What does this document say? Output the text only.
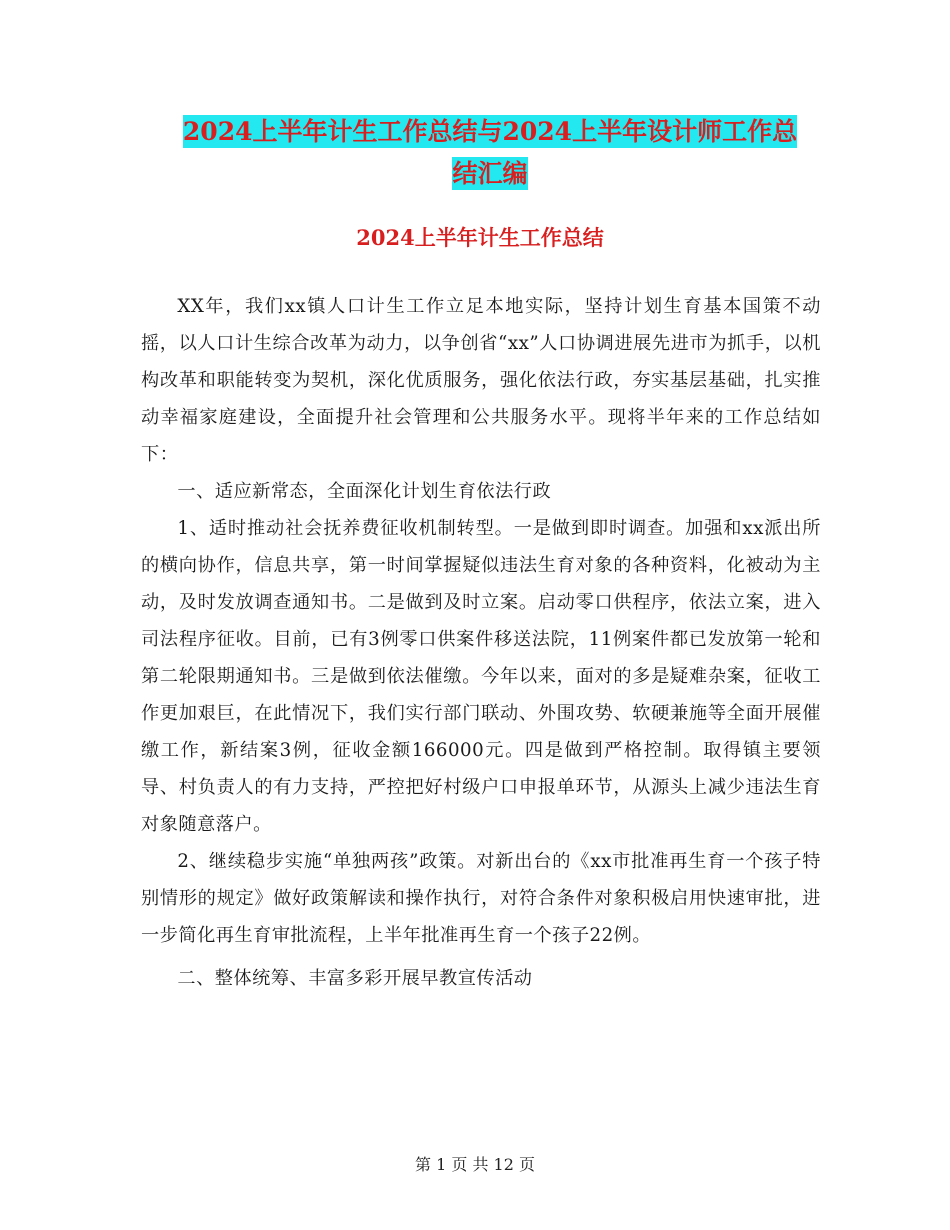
2024上半年计生工作总结与2024上半年设计师工作总
结汇编
2024上半年计生工作总结

XX年，我们xx镇人口计生工作立足本地实际，坚持计划生育基本国策不动摇，以人口计生综合改革为动力，以争创省“xx”人口协调进展先进市为抓手，以机构改革和职能转变为契机，深化优质服务，强化依法行政，夯实基层基础，扎实推动幸福家庭建设，全面提升社会管理和公共服务水平。现将半年来的工作总结如下：

一、适应新常态，全面深化计划生育依法行政

1、适时推动社会抚养费征收机制转型。一是做到即时调查。加强和xx派出所的横向协作，信息共享，第一时间掌握疑似违法生育对象的各种资料，化被动为主动，及时发放调查通知书。二是做到及时立案。启动零口供程序，依法立案，进入司法程序征收。目前，已有3例零口供案件移送法院，11例案件都已发放第一轮和第二轮限期通知书。三是做到依法催缴。今年以来，面对的多是疑难杂案，征收工作更加艰巨，在此情况下，我们实行部门联动、外围攻势、软硬兼施等全面开展催缴工作，新结案3例，征收金额166000元。四是做到严格控制。取得镇主要领导、村负责人的有力支持，严控把好村级户口申报单环节，从源头上减少违法生育对象随意落户。

2、继续稳步实施“单独两孩”政策。对新出台的《xx市批准再生育一个孩子特别情形的规定》做好政策解读和操作执行，对符合条件对象积极启用快速审批，进一步简化再生育审批流程，上半年批准再生育一个孩子22例。

二、整体统筹、丰富多彩开展早教宣传活动

第 1 页 共 12 页
